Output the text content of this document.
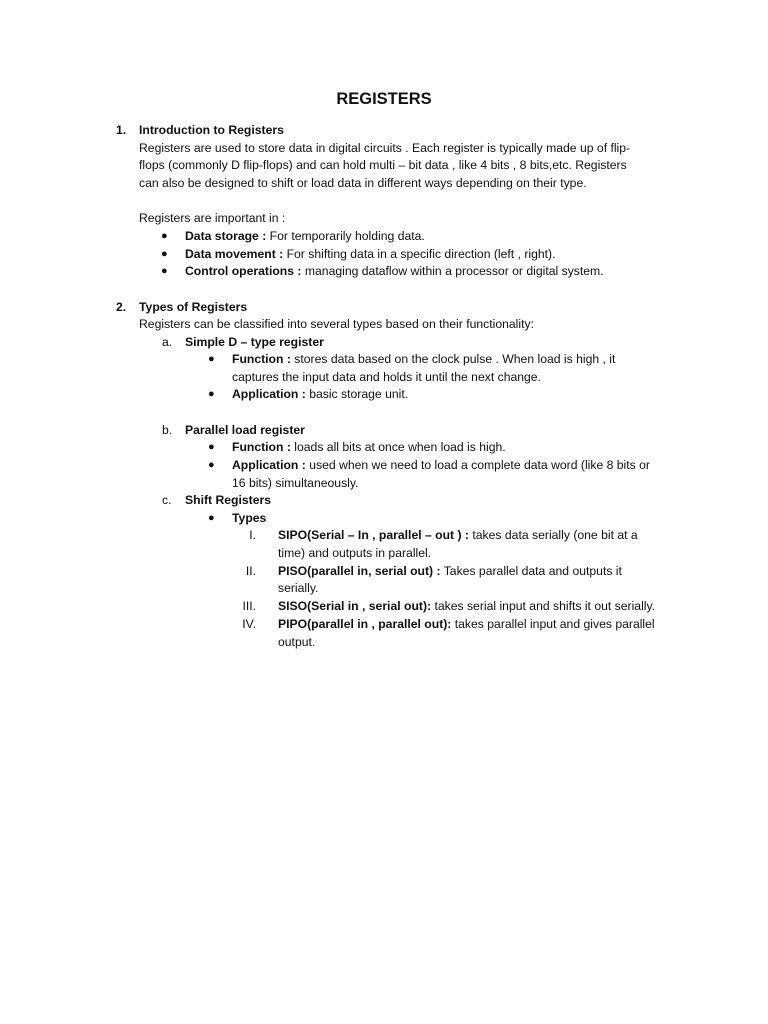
REGISTERS
1. Introduction to Registers
Registers are used to store data in digital circuits . Each register is typically made up of flip-
flops (commonly D flip-flops) and can hold multi – bit data , like 4 bits , 8 bits,etc. Registers
can also be designed to shift or load data in different ways depending on their type.
Registers are important in :
● Data storage : For temporarily holding data.
● Data movement : For shifting data in a specific direction (left , right).
● Control operations : managing dataflow within a processor or digital system.
2. Types of Registers
Registers can be classified into several types based on their functionality:
a. Simple D – type register
● Function : stores data based on the clock pulse . When load is high , it
captures the input data and holds it until the next change.
● Application : basic storage unit.
b. Parallel load register
● Function : loads all bits at once when load is high.
● Application : used when we need to load a complete data word (like 8 bits or
16 bits) simultaneously.
c. Shift Registers
● Types
I. SIPO(Serial – In , parallel – out ) : takes data serially (one bit at a
time) and outputs in parallel.
II. PISO(parallel in, serial out) : Takes parallel data and outputs it
serially.
III. SISO(Serial in , serial out): takes serial input and shifts it out serially.
IV. PIPO(parallel in , parallel out): takes parallel input and gives parallel
output.
